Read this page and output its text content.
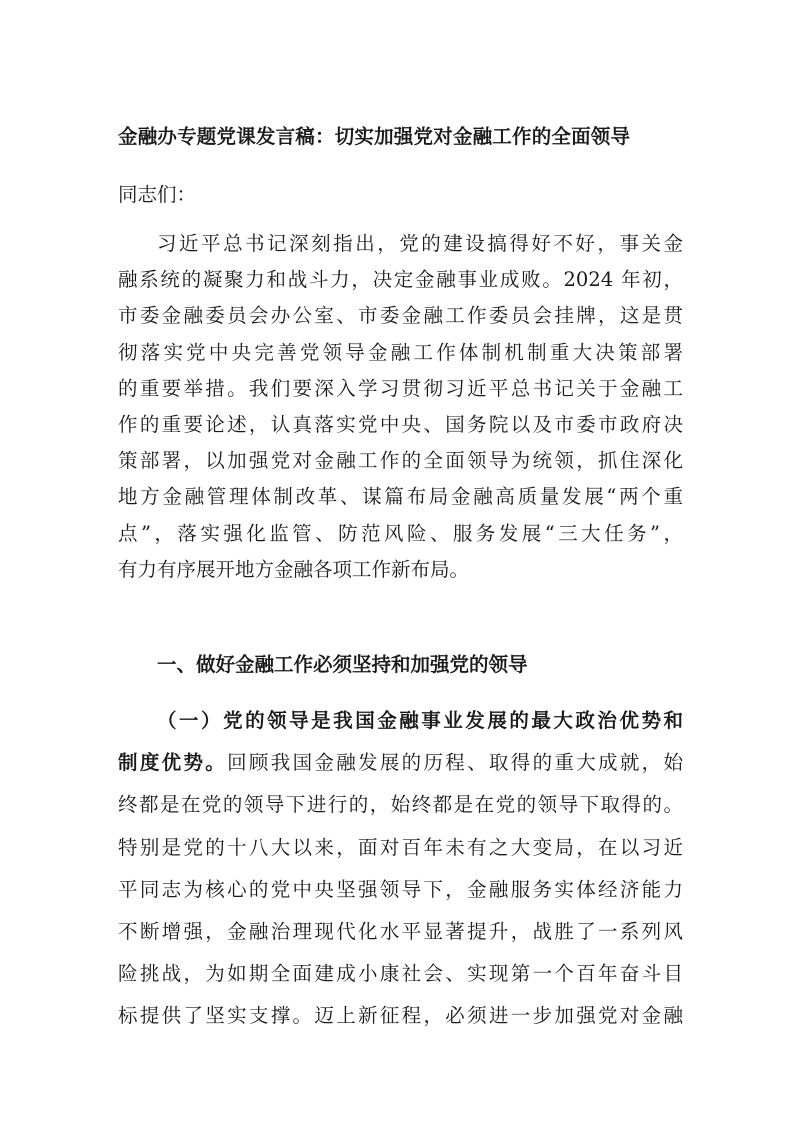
金融办专题党课发言稿：切实加强党对金融工作的全面领导

同志们：

习近平总书记深刻指出，党的建设搞得好不好，事关金
融系统的凝聚力和战斗力，决定金融事业成败。2024 年初，
市委金融委员会办公室、市委金融工作委员会挂牌，这是贯
彻落实党中央完善党领导金融工作体制机制重大决策部署
的重要举措。我们要深入学习贯彻习近平总书记关于金融工
作的重要论述，认真落实党中央、国务院以及市委市政府决
策部署，以加强党对金融工作的全面领导为统领，抓住深化
地方金融管理体制改革、谋篇布局金融高质量发展“两个重
点”，落实强化监管、防范风险、服务发展“三大任务”，
有力有序展开地方金融各项工作新布局。
一、做好金融工作必须坚持和加强党的领导
（一）党的领导是我国金融事业发展的最大政治优势和
制度优势。回顾我国金融发展的历程、取得的重大成就，始
终都是在党的领导下进行的，始终都是在党的领导下取得的。
特别是党的十八大以来，面对百年未有之大变局，在以习近
平同志为核心的党中央坚强领导下，金融服务实体经济能力
不断增强，金融治理现代化水平显著提升，战胜了一系列风
险挑战，为如期全面建成小康社会、实现第一个百年奋斗目
标提供了坚实支撑。迈上新征程，必须进一步加强党对金融
